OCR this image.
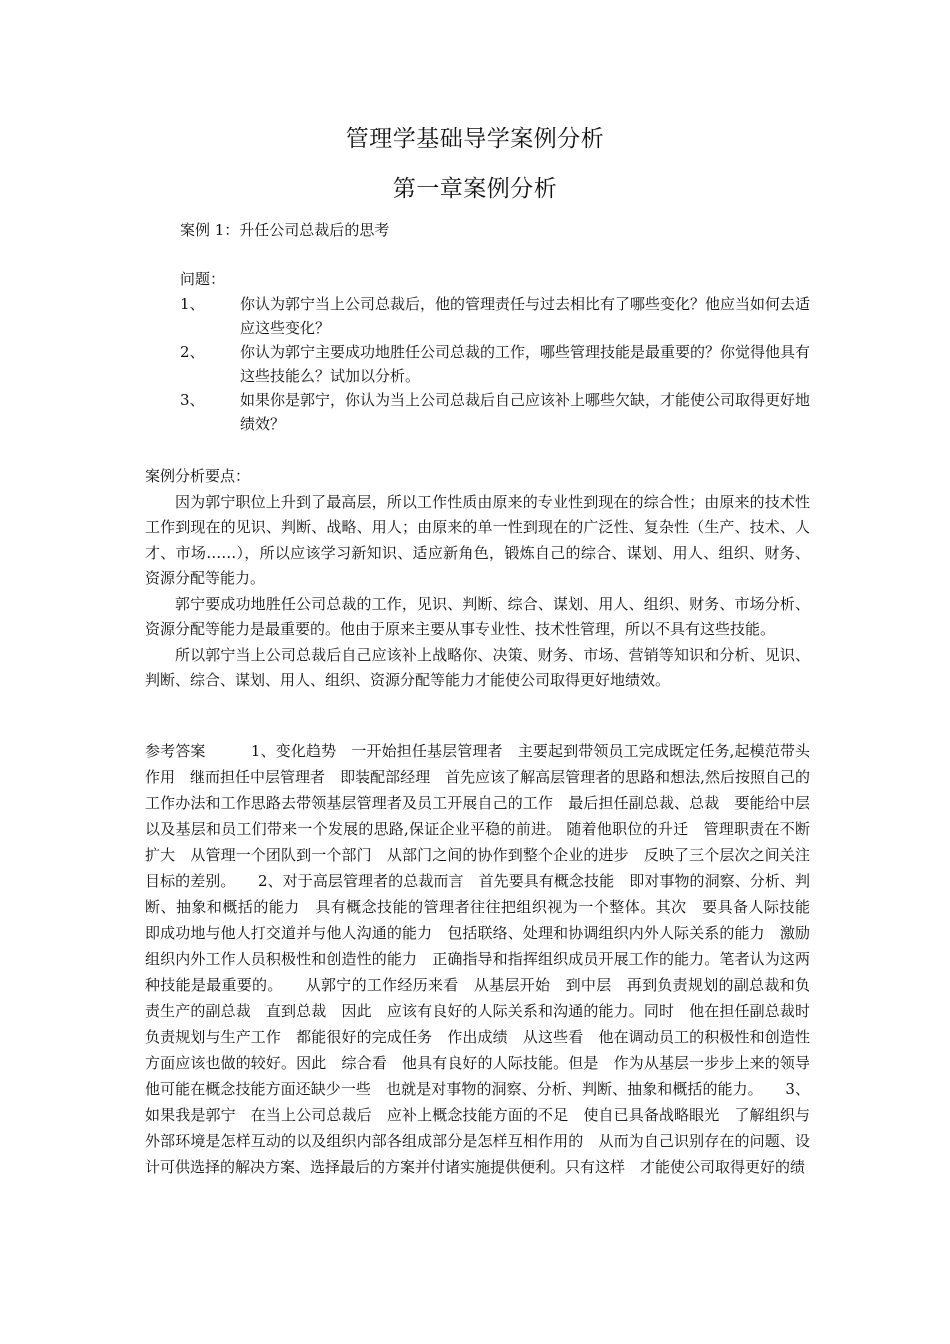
管理学基础导学案例分析
第一章案例分析
案例 1：升任公司总裁后的思考
问题：
1、	你认为郭宁当上公司总裁后，他的管理责任与过去相比有了哪些变化？他应当如何去适应这些变化？
2、	你认为郭宁主要成功地胜任公司总裁的工作，哪些管理技能是最重要的？你觉得他具有这些技能么？试加以分析。
3、	如果你是郭宁，你认为当上公司总裁后自己应该补上哪些欠缺，才能使公司取得更好地绩效？
案例分析要点：

因为郭宁职位上升到了最高层，所以工作性质由原来的专业性到现在的综合性；由原来的技术性工作到现在的见识、判断、战略、用人；由原来的单一性到现在的广泛性、复杂性（生产、技术、人才、市场……），所以应该学习新知识、适应新角色，锻炼自己的综合、谋划、用人、组织、财务、资源分配等能力。

郭宁要成功地胜任公司总裁的工作，见识、判断、综合、谋划、用人、组织、财务、市场分析、资源分配等能力是最重要的。他由于原来主要从事专业性、技术性管理，所以不具有这些技能。

所以郭宁当上公司总裁后自己应该补上战略你、决策、财务、市场、营销等知识和分析、见识、判断、综合、谋划、用人、组织、资源分配等能力才能使公司取得更好地绩效。

参考答案　　　1、变化趋势　一开始担任基层管理者　主要起到带领员工完成既定任务,起模范带头作用　继而担任中层管理者　即装配部经理　首先应该了解高层管理者的思路和想法,然后按照自己的工作办法和工作思路去带领基层管理者及员工开展自己的工作　最后担任副总裁、总裁　要能给中层以及基层和员工们带来一个发展的思路,保证企业平稳的前进。 随着他职位的升迁　管理职责在不断扩大　从管理一个团队到一个部门　从部门之间的协作到整个企业的进步　反映了三个层次之间关注目标的差别。　　2、对于高层管理者的总裁而言　首先要具有概念技能　即对事物的洞察、分析、判断、抽象和概括的能力　具有概念技能的管理者往往把组织视为一个整体。其次　要具备人际技能　即成功地与他人打交道并与他人沟通的能力　包括联络、处理和协调组织内外人际关系的能力　激励组织内外工作人员积极性和创造性的能力　正确指导和指挥组织成员开展工作的能力。笔者认为这两种技能是最重要的。　　从郭宁的工作经历来看　从基层开始　到中层　再到负责规划的副总裁和负责生产的副总裁　直到总裁　因此　应该有良好的人际关系和沟通的能力。同时　他在担任副总裁时　负责规划与生产工作　都能很好的完成任务　作出成绩　从这些看　他在调动员工的积极性和创造性方面应该也做的较好。因此　综合看　他具有良好的人际技能。但是　作为从基层一步步上来的领导　他可能在概念技能方面还缺少一些　也就是对事物的洞察、分析、判断、抽象和概括的能力。　　3、如果我是郭宁　在当上公司总裁后　应补上概念技能方面的不足　使自已具备战略眼光　了解组织与外部环境是怎样互动的以及组织内部各组成部分是怎样互相作用的　从而为自己识别存在的问题、设计可供选择的解决方案、选择最后的方案并付诸实施提供便利。只有这样　才能使公司取得更好的绩
